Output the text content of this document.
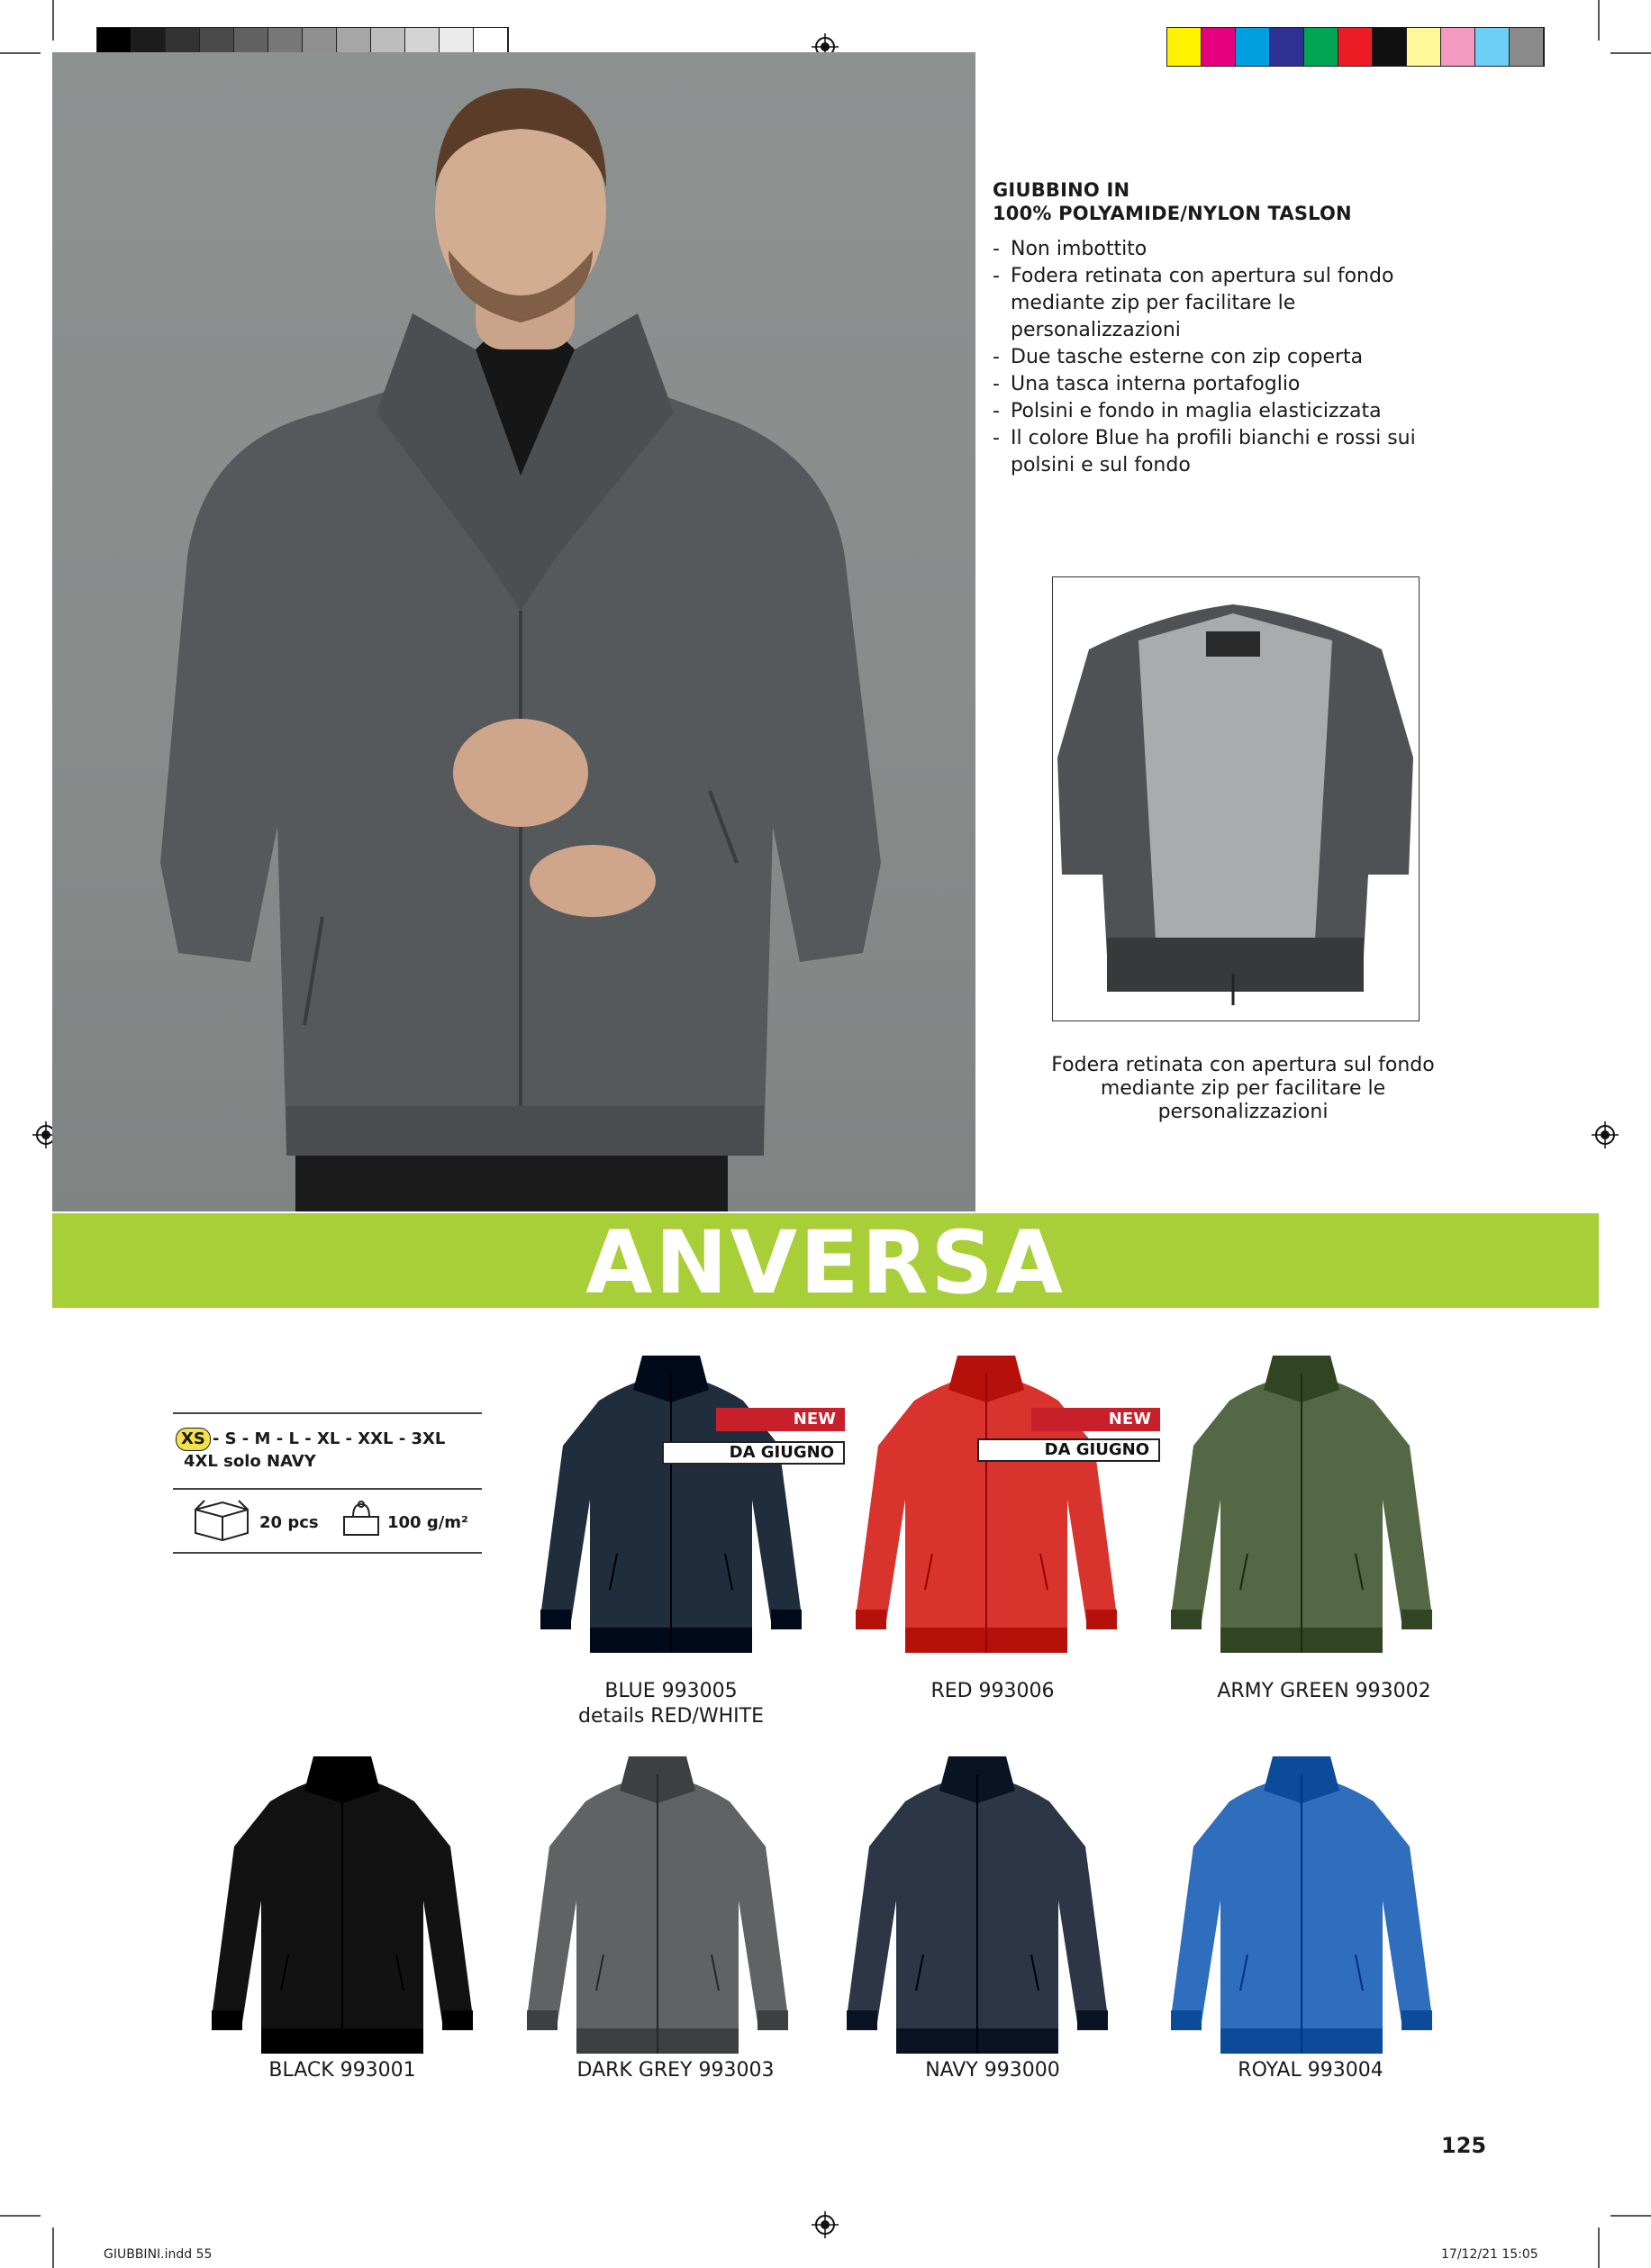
GIUBBINO IN
100% POLYAMIDE/NYLON TASLON
- Non imbottito
- Fodera retinata con apertura sul fondo mediante zip per facilitare le personalizzazioni
- Due tasche esterne con zip coperta
- Una tasca interna portafoglio
- Polsini e fondo in maglia elasticizzata
- Il colore Blue ha profili bianchi e rossi sui polsini e sul fondo
Fodera retinata con apertura sul fondo mediante zip per facilitare le personalizzazioni
ANVERSA
XS - S - M - L - XL - XXL - 3XL
4XL solo NAVY
20 pcs	100 g/m²
NEW
DA GIUGNO
NEW
DA GIUGNO
BLUE 993005
details RED/WHITE
RED 993006	ARMY GREEN 993002
BLACK 993001	DARK GREY 993003	NAVY 993000	ROYAL 993004
125
GIUBBINI.indd 55	17/12/21 15:05
